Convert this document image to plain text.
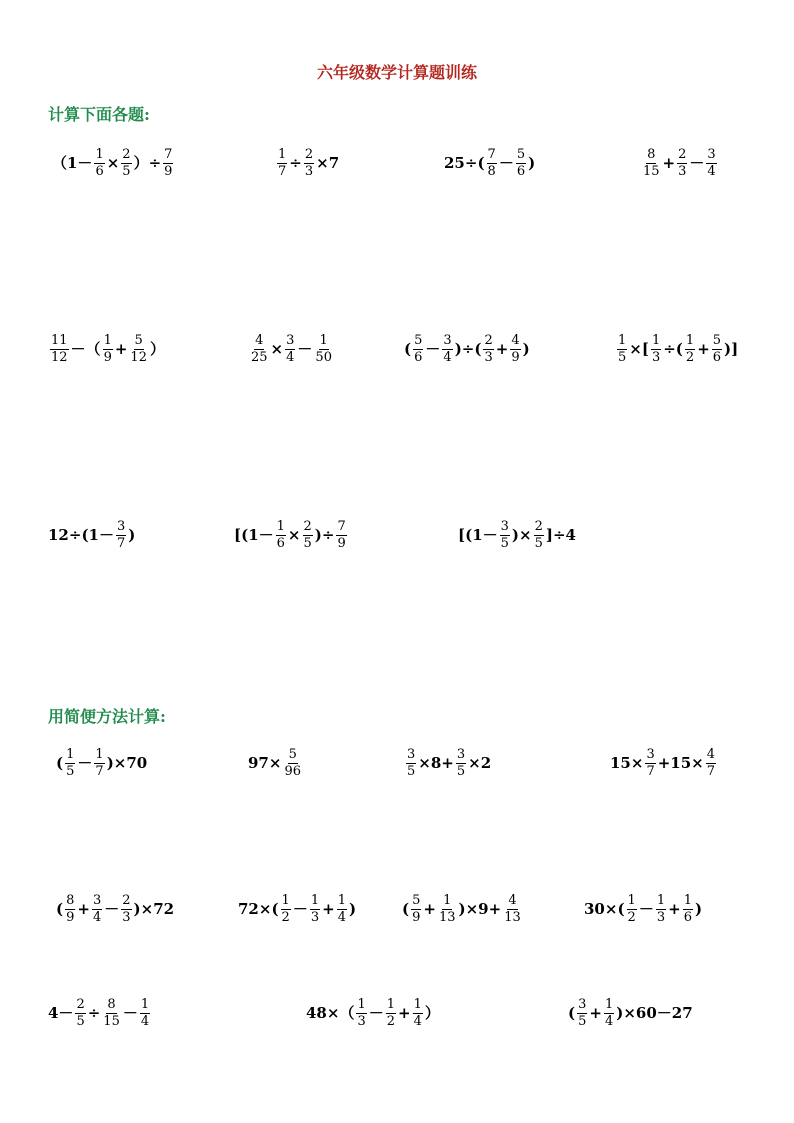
六年级数学计算题训练
计算下面各题:
（$1- \frac{1}{6} \times \frac{2}{5}$ ）÷ $\frac{7}{9}$	$\frac{1}{7} \div \frac{2}{3} \times 7$	$25\div( \frac{7}{8} - \frac{5}{6}$ )	$\frac{8}{15} + \frac{2}{3} - \frac{3}{4}$
$\frac{11}{12}$ －（ $\frac{1}{9} + \frac{5}{12}$ ）	$\frac{4}{25} \times \frac{3}{4} - \frac{1}{50}$	( $\frac{5}{6} - \frac{3}{4}$ )÷( $\frac{2}{3} + \frac{4}{9}$ )	$\frac{1}{5}$ ×[ $\frac{1}{3}$ ÷( $\frac{1}{2} + \frac{5}{6}$ )]
$12\div(1- \frac{3}{7}$ )	[($1- \frac{1}{6} \times \frac{2}{5}$ )÷ $\frac{7}{9}$	[($1- \frac{3}{5}$ )× $\frac{2}{5} ]\div 4$
用简便方法计算:
( $\frac{1}{5} - \frac{1}{7} )\times 70$	$97\times \frac{5}{96}$	$\frac{3}{5} \times 8+ \frac{3}{5} \times 2$	$15\times \frac{3}{7} +15\times \frac{4}{7}$
( $\frac{8}{9} + \frac{3}{4} - \frac{2}{3} )\times 72$	$72\times( \frac{1}{2} - \frac{1}{3} + \frac{1}{4}$ )	( $\frac{5}{9} + \frac{1}{13} )\times 9+ \frac{4}{13}$	$30\times( \frac{1}{2} - \frac{1}{3} + \frac{1}{6}$ )
$4- \frac{2}{5} \div \frac{8}{15} - \frac{1}{4}$	$48\times( \frac{1}{3} - \frac{1}{2} + \frac{1}{4}$ ）	( $\frac{3}{5} + \frac{1}{4} )\times 60-27$
